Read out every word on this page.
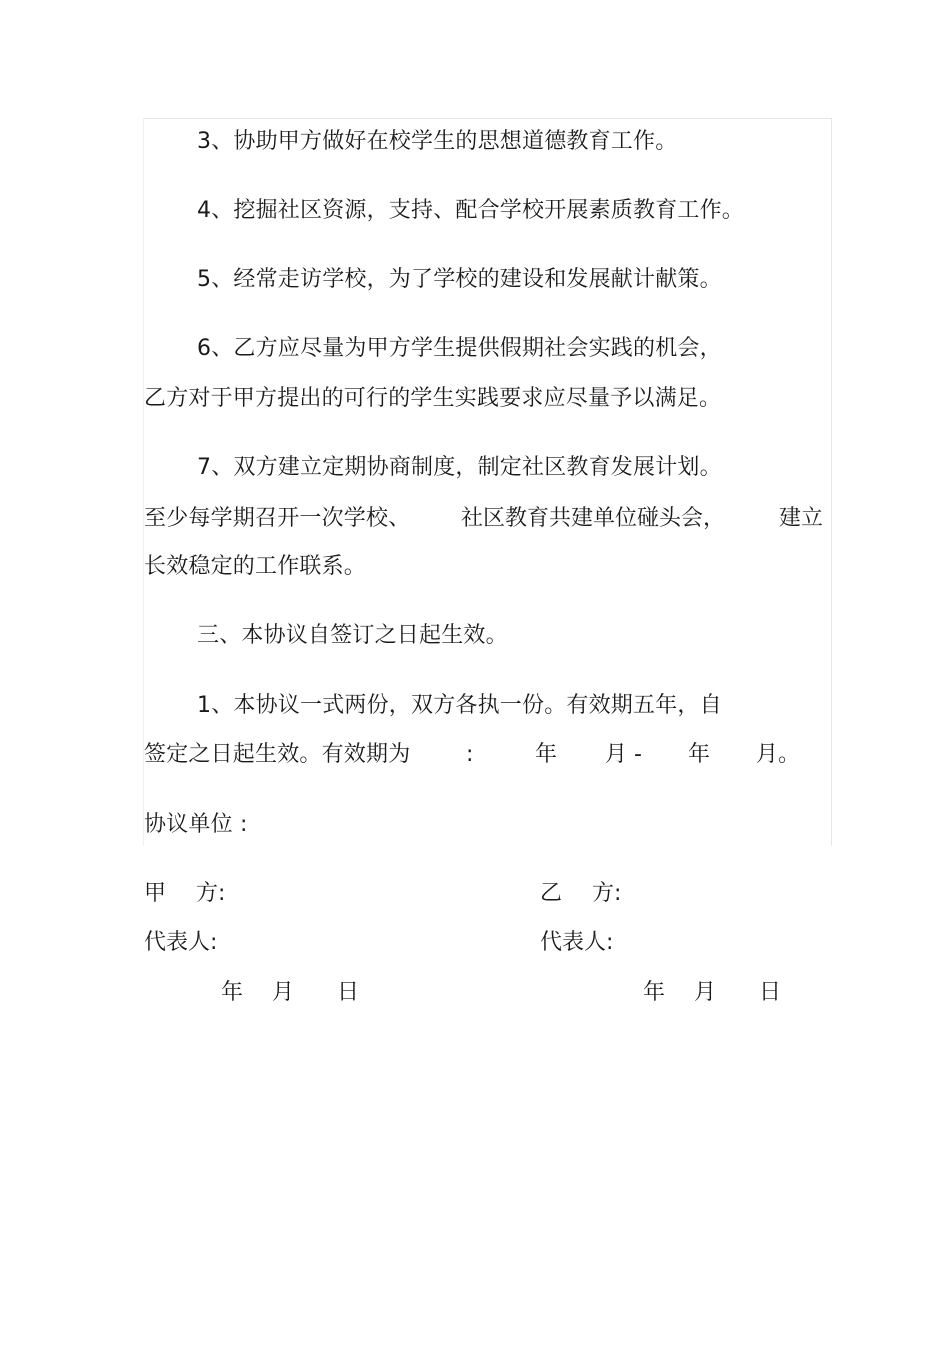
3、协助甲方做好在校学生的思想道德教育工作。
4、挖掘社区资源，支持、配合学校开展素质教育工作。
5、经常走访学校，为了学校的建设和发展献计献策。
6、乙方应尽量为甲方学生提供假期社会实践的机会，
乙方对于甲方提出的可行的学生实践要求应尽量予以满足。
7、双方建立定期协商制度，制定社区教育发展计划。
至少每学期召开一次学校、 社区教育共建单位碰头会， 建立
长效稳定的工作联系。
三、本协议自签订之日起生效。
1、本协议一式两份，双方各执一份。有效期五年，自
签定之日起生效。有效期为	:	年 月 - 年 月。
协议单位 :
甲 方:	乙 方:
代表人:	代表人:
年 月 日	年 月 日
